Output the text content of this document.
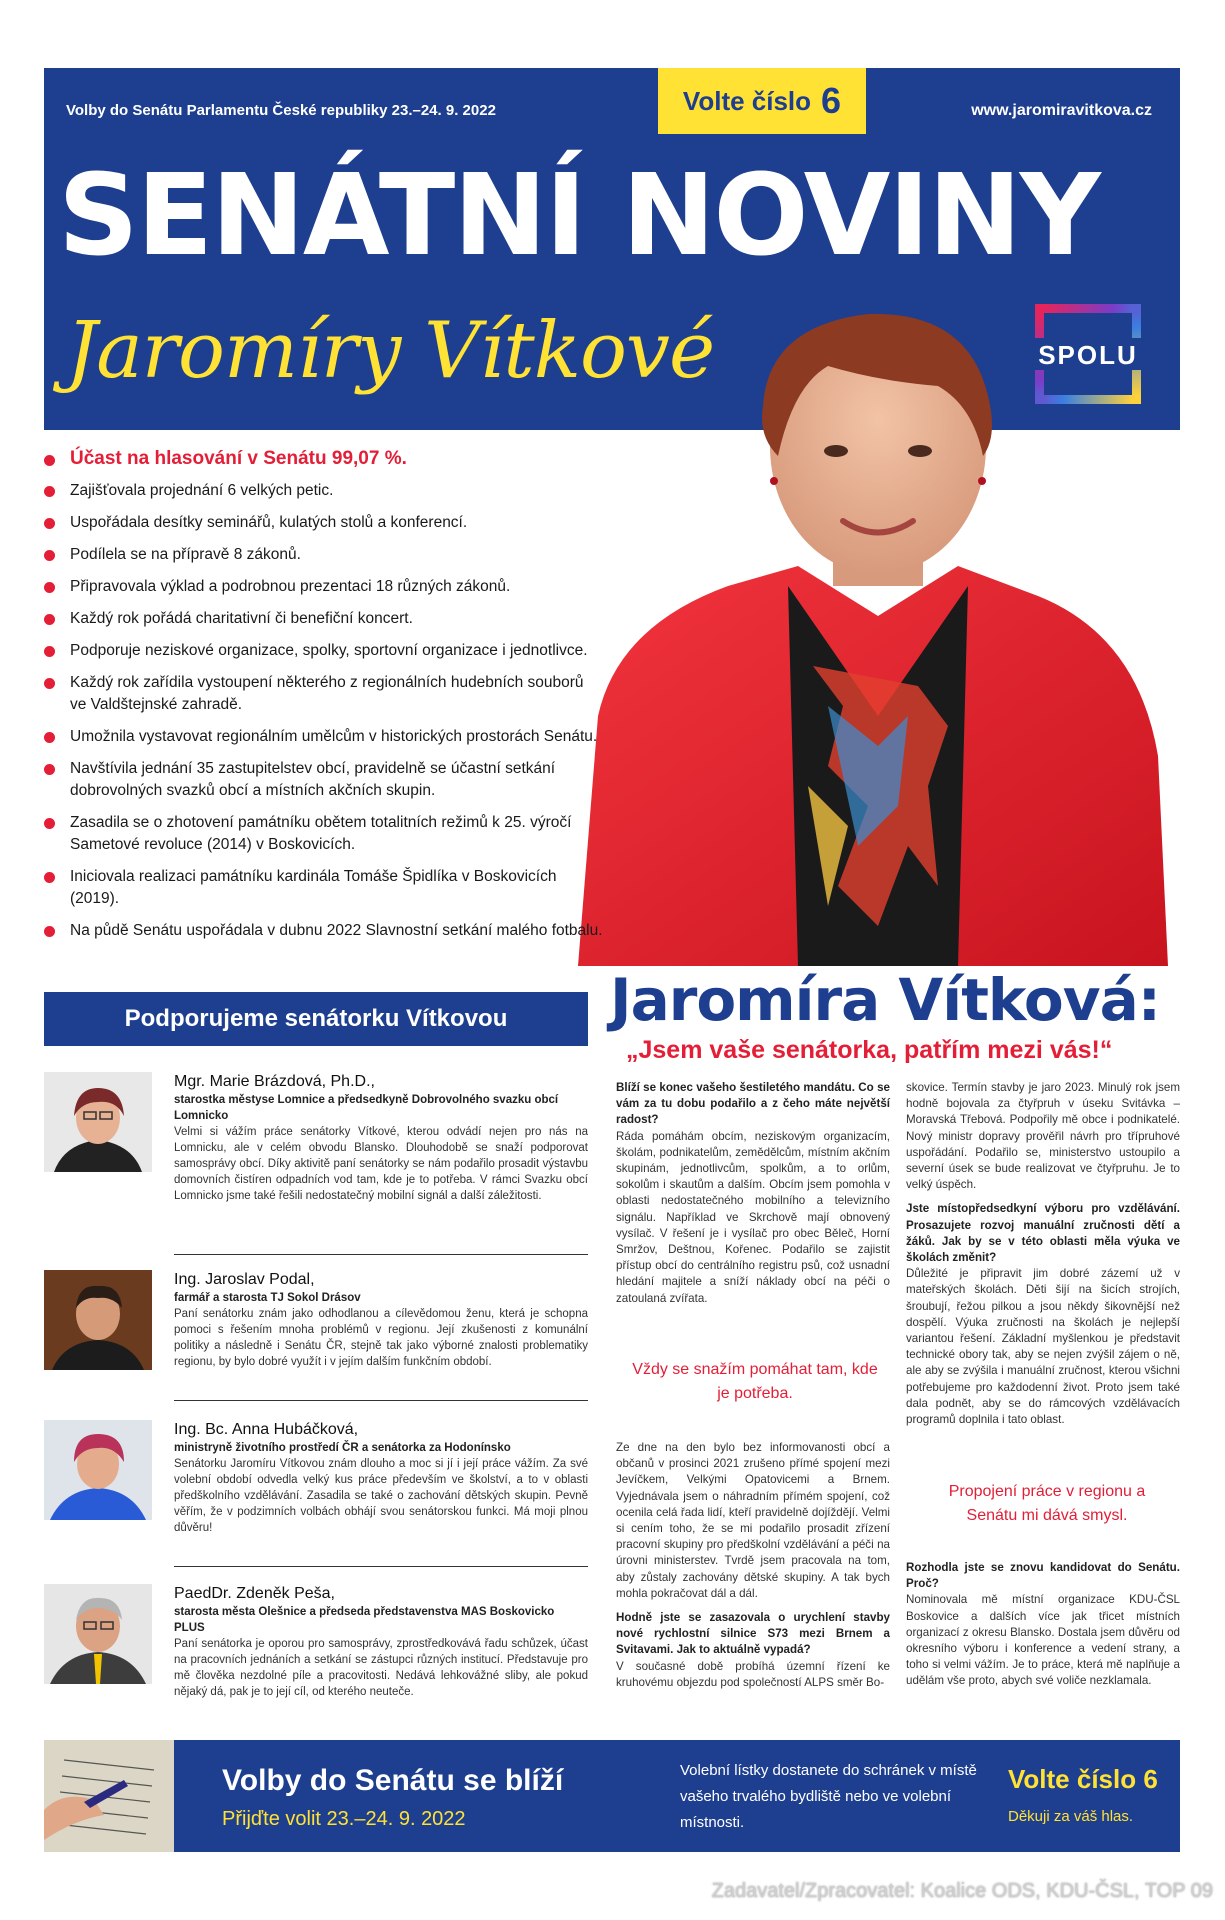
Volby do Senátu Parlamentu České republiky 23.–24. 9. 2022	Volte číslo 6	www.jaromiravitkova.cz
SENÁTNÍ NOVINY
Jaromíry Vítkové	SPOLU
Účast na hlasování v Senátu 99,07 %.
Zajišťovala projednání 6 velkých petic.
Uspořádala desítky seminářů, kulatých stolů a konferencí.
Podílela se na přípravě 8 zákonů.
Připravovala výklad a podrobnou prezentaci 18 různých zákonů.
Každý rok pořádá charitativní či benefiční koncert.
Podporuje neziskové organizace, spolky, sportovní organizace i jednotlivce.
Každý rok zařídila vystoupení některého z regionálních hudebních souborů ve Valdštejnské zahradě.
Umožnila vystavovat regionálním umělcům v historických prostorách Senátu.
Navštívila jednání 35 zastupitelstev obcí, pravidelně se účastní setkání dobrovolných svazků obcí a místních akčních skupin.
Zasadila se o zhotovení památníku obětem totalitních režimů k 25. výročí Sametové revoluce (2014) v Boskovicích.
Iniciovala realizaci památníku kardinála Tomáše Špidlíka v Boskovicích (2019).
Na půdě Senátu uspořádala v dubnu 2022 Slavnostní setkání malého fotbalu.
Podporujeme senátorku Vítkovou
Mgr. Marie Brázdová, Ph.D.,
starostka městyse Lomnice a předsedkyně Dobrovolného svazku obcí Lomnicko
Velmi si vážím práce senátorky Vítkové, kterou odvádí nejen pro nás na Lomnicku, ale v celém obvodu Blansko. Dlouhodobě se snaží podporovat samosprávy obcí. Díky aktivitě paní senátorky se nám podařilo prosadit výstavbu domovních čistíren odpadních vod tam, kde je to potřeba. V rámci Svazku obcí Lomnicko jsme také řešili nedostatečný mobilní signál a další záležitosti.
Ing. Jaroslav Podal,
farmář a starosta TJ Sokol Drásov
Paní senátorku znám jako odhodlanou a cílevědomou ženu, která je schopna pomoci s řešením mnoha problémů v regionu. Její zkušenosti z komunální politiky a následně i Senátu ČR, stejně tak jako výborné znalosti problematiky regionu, by bylo dobré využít i v jejím dalším funkčním období.
Ing. Bc. Anna Hubáčková,
ministryně životního prostředí ČR a senátorka za Hodonínsko
Senátorku Jaromíru Vítkovou znám dlouho a moc si jí i její práce vážím. Za své volební období odvedla velký kus práce především ve školství, a to v oblasti předškolního vzdělávání. Zasadila se také o zachování dětských skupin. Pevně věřím, že v podzimních volbách obhájí svou senátorskou funkci. Má moji plnou důvěru!
PaedDr. Zdeněk Peša,
starosta města Olešnice a předseda představenstva MAS Boskovicko PLUS
Paní senátorka je oporou pro samosprávy, zprostředkovává řadu schůzek, účast na pracovních jednáních a setkání se zástupci různých institucí. Představuje pro mě člověka nezdolné píle a pracovitosti. Nedává lehkovážné sliby, ale pokud nějaký dá, pak je to její cíl, od kterého neuteče.
Jaromíra Vítková:
„Jsem vaše senátorka, patřím mezi vás!“

Blíží se konec vašeho šestiletého mandátu. Co se vám za tu dobu podařilo a z čeho máte největší radost?
Ráda pomáhám obcím, neziskovým organizacím, školám, podnikatelům, zemědělcům, místním akčním skupinám, jednotlivcům, spolkům, a to orlům, sokolům i skautům a dalším. Obcím jsem pomohla v oblasti nedostatečného mobilního a televizního signálu. Například ve Skrchově mají obnovený vysílač. V řešení je i vysílač pro obec Běleč, Horní Smržov, Deštnou, Kořenec. Podařilo se zajistit přístup obcí do centrálního registru psů, což usnadní hledání majitele a sníží náklady obcí na péči o zatoulaná zvířata.

Vždy se snažím pomáhat tam, kde je potřeba.

Ze dne na den bylo bez informovanosti obcí a občanů v prosinci 2021 zrušeno přímé spojení mezi Jevíčkem, Velkými Opatovicemi a Brnem. Vyjednávala jsem o náhradním přímém spojení, což ocenila celá řada lidí, kteří pravidelně dojíždějí. Velmi si cením toho, že se mi podařilo prosadit zřízení pracovní skupiny pro předškolní vzdělávání a péči na úrovni ministerstev. Tvrdě jsem pracovala na tom, aby zůstaly zachovány dětské skupiny. A tak bych mohla pokračovat dál a dál.

Hodně jste se zasazovala o urychlení stavby nové rychlostní silnice S73 mezi Brnem a Svitavami. Jak to aktuálně vypadá?
V současné době probíhá územní řízení ke kruhovému objezdu pod společností ALPS směr Bo-

skovice. Termín stavby je jaro 2023. Minulý rok jsem hodně bojovala za čtyřpruh v úseku Svitávka – Moravská Třebová. Podpořily mě obce i podnikatelé. Nový ministr dopravy prověřil návrh pro třípruhové uspořádání. Podařilo se, ministerstvo ustoupilo a severní úsek se bude realizovat ve čtyřpruhu. Je to velký úspěch.

Jste místopředsedkyní výboru pro vzdělávání. Prosazujete rozvoj manuální zručnosti dětí a žáků. Jak by se v této oblasti měla výuka ve školách změnit?
Důležité je připravit jim dobré zázemí už v mateřských školách. Děti šijí na šicích strojích, šroubují, řežou pilkou a jsou někdy šikovnější než dospělí. Výuka zručnosti na školách je nejlepší variantou řešení. Základní myšlenkou je představit technické obory tak, aby se nejen zvýšil zájem o ně, ale aby se zvýšila i manuální zručnost, kterou všichni potřebujeme pro každodenní život. Proto jsem také dala podnět, aby se do rámcových vzdělávacích programů doplnila i tato oblast.

Propojení práce v regionu a Senátu mi dává smysl.

Rozhodla jste se znovu kandidovat do Senátu. Proč?
Nominovala mě místní organizace KDU-ČSL Boskovice a dalších více jak třicet místních organizací z okresu Blansko. Dostala jsem důvěru od okresního výboru i konference a vedení strany, a toho si velmi vážím. Je to práce, která mě naplňuje a udělám vše proto, abych své voliče nezklamala.

Volby do Senátu se blíží
Přijďte volit 23.–24. 9. 2022
Volební lístky dostanete do schránek v místě vašeho trvalého bydliště nebo ve volební místnosti.
Volte číslo 6
Děkuji za váš hlas.
Zadavatel/Zpracovatel: Koalice ODS, KDU-ČSL, TOP 09
